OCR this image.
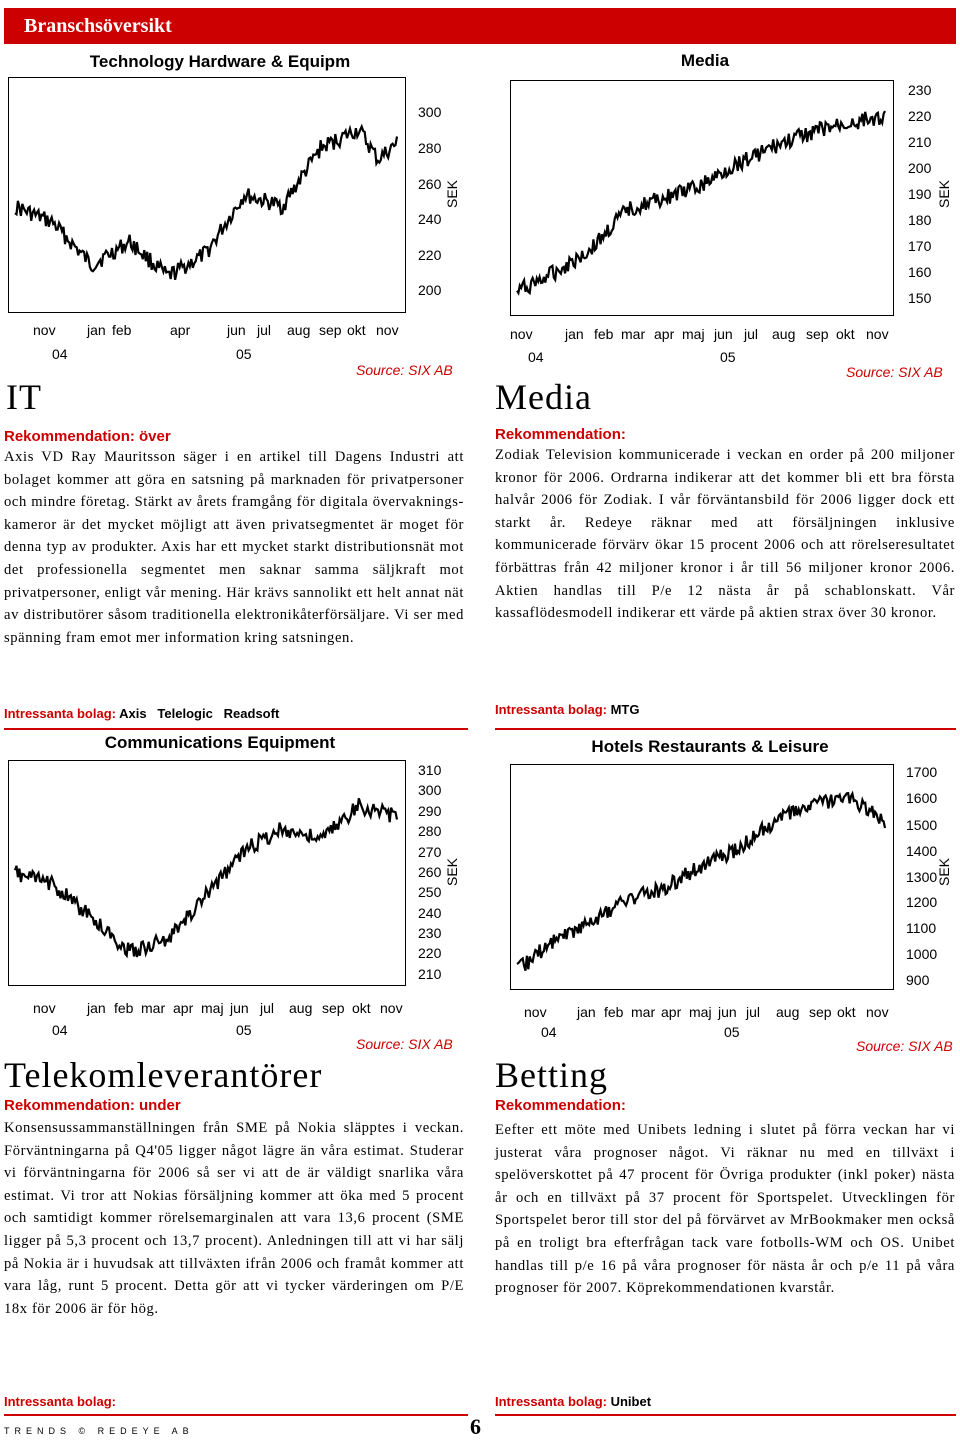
Branschsöversikt
Technology Hardware & Equipm
300
280
260
240
220
200
SEK
nov jan feb	apr	jun jul aug sep okt nov
04	05
Source: SIX AB
IT
Rekommendation: över
Axis VD Ray Mauritsson säger i en artikel till Dagens Industri att bolaget kommer att göra en satsning på marknaden för privatpersoner och mindre företag. Stärkt av årets framgång för digitala övervaknings-kameror är det mycket möjligt att även privatsegmentet är moget för denna typ av produkter. Axis har ett mycket starkt distributionsnät mot det professionella segmentet men saknar samma säljkraft mot privatpersoner, enligt vår mening. Här krävs sannolikt ett helt annat nät av distributörer såsom traditionella elektronikåterförsäljare. Vi ser med spänning fram emot mer information kring satsningen.
Intressanta bolag: Axis Telelogic Readsoft
Media
230
220
210
200
190
180
170
160
150
SEK
nov jan feb mar apr maj jun jul aug sep okt nov
04	05
Source: SIX AB
Media
Rekommendation:
Zodiak Television kommunicerade i veckan en order på 200 miljoner kronor för 2006. Ordrarna indikerar att det kommer bli ett bra första halvår 2006 för Zodiak. I vår förväntansbild för 2006 ligger dock ett starkt år. Redeye räknar med att försäljningen inklusive kommunicerade förvärv ökar 15 procent 2006 och att rörelseresultatet förbättras från 42 miljoner kronor i år till 56 miljoner kronor 2006. Aktien handlas till P/e 12 nästa år på schablonskatt. Vår kassaflödesmodell indikerar ett värde på aktien strax över 30 kronor.
Intressanta bolag: MTG
Communications Equipment
310
300
290
280
270
260
250
240
230
220
210
SEK
nov jan feb mar apr maj jun jul aug sep okt nov
04	05
Source: SIX AB
Telekomleverantörer
Rekommendation: under
Konsensussammanställningen från SME på Nokia släpptes i veckan. Förväntningarna på Q4'05 ligger något lägre än våra estimat. Studerar vi förväntningarna för 2006 så ser vi att de är väldigt snarlika våra estimat. Vi tror att Nokias försäljning kommer att öka med 5 procent och samtidigt kommer rörelsemarginalen att vara 13,6 procent (SME ligger på 5,3 procent och 13,7 procent). Anledningen till att vi har sälj på Nokia är i huvudsak att tillväxten ifrån 2006 och framåt kommer att vara låg, runt 5 procent. Detta gör att vi tycker värderingen om P/E 18x för 2006 är för hög.
Intressanta bolag:
Hotels Restaurants & Leisure
1700
1600
1500
1400
1300
1200
1100
1000
900
SEK
nov jan feb mar apr maj jun jul aug sep okt nov
04	05
Source: SIX AB
Betting
Rekommendation:
Eefter ett möte med Unibets ledning i slutet på förra veckan har vi justerat våra prognoser något. Vi räknar nu med en tillväxt i spelöverskottet på 47 procent för Övriga produkter (inkl poker) nästa år och en tillväxt på 37 procent för Sportspelet. Utvecklingen för Sportspelet beror till stor del på förvärvet av MrBookmaker men också på en troligt bra efterfrågan tack vare fotbolls-WM och OS. Unibet handlas till p/e 16 på våra prognoser för nästa år och p/e 11 på våra prognoser för 2007. Köprekommendationen kvarstår.
Intressanta bolag: Unibet
TRENDS © REDEYE AB	6
